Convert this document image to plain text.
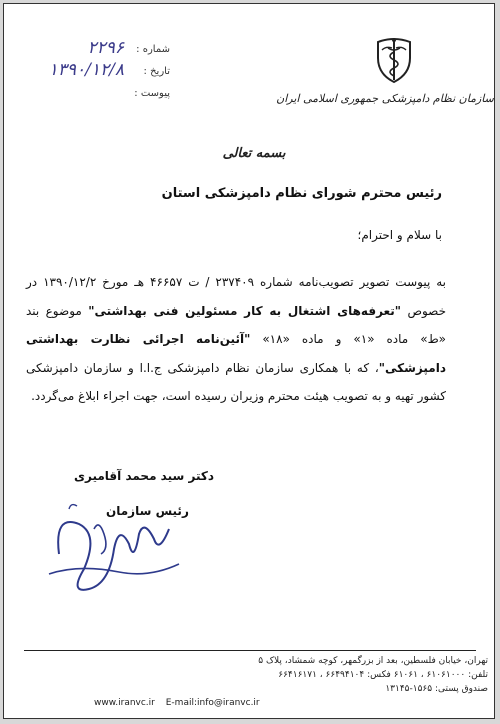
سازمان نظام دامپزشکی جمهوری اسلامی ایران
شماره :
۲۲۹۶
تاریخ :
۱۳۹۰/۱۲/۸
پیوست :
بسمه تعالی
رئیس محترم شورای نظام دامپزشکی استان
با سلام و احترام؛
به پیوست تصویر تصویب‌نامه شماره ۲۳۷۴۰۹ / ت ۴۶۶۵۷ هـ مورخ ۱۳۹۰/۱۲/۲ در خصوص "تعرفه‌های اشتغال به کار مسئولین فنی بهداشتی" موضوع بند «ط» ماده «۱» و ماده «۱۸» "آئین‌نامه اجرائی نظارت بهداشتی دامپزشکی"، که با همکاری سازمان نظام دامپزشکی ج.ا.ا و سازمان دامپزشکی کشور تهیه و به تصویب هیئت محترم وزیران رسیده است، جهت اجراء ابلاغ می‌گردد.
دکتر سید محمد آقامیری
رئیس سازمان
تهران، خیابان فلسطین، بعد از بزرگمهر، کوچه شمشاد، پلاک ۵
تلفن: ۶۱۰۶۱۰۰۰ ، ۶۱۰۶۱ فکس: ۶۶۴۹۴۱۰۴ ، ۶۶۴۱۶۱۷۱
صندوق پستی: ۱۵۶۵-۱۳۱۴۵
www.iranvc.ir E-mail:info@iranvc.ir
